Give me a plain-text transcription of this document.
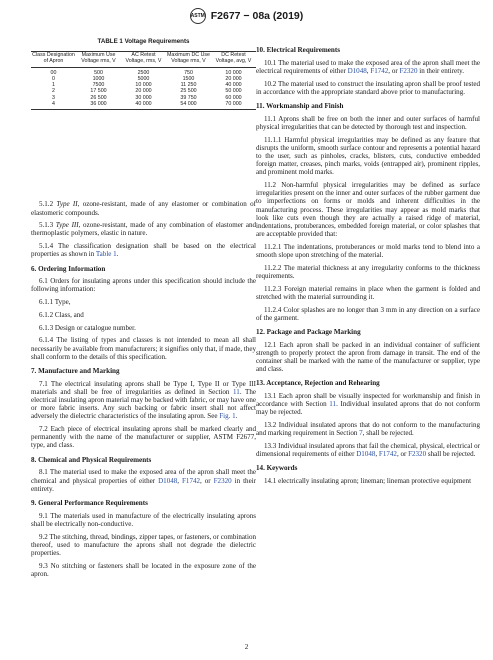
ASTM F2677 − 08a (2019)
TABLE 1 Voltage Requirements
Class Designation of Apron	Maximum Use Voltage rms, V	AC Retest Voltage, rms, V	Maximum DC Use Voltage rms, V	DC Retest Voltage, avg, V
00	500	2500	750	10 000
0	1000	5000	1500	20 000
1	7500	10 000	11 250	40 000
2	17 500	20 000	25 500	50 000
3	26 500	30 000	39 750	60 000
4	36 000	40 000	54 000	70 000

5.1.2 Type II, ozone-resistant, made of any elastomer or combination of elastomeric compounds.

5.1.3 Type III, ozone-resistant, made of any combination of elastomer and thermoplastic polymers, elastic in nature.

5.1.4 The classification designation shall be based on the electrical properties as shown in Table 1.

6. Ordering Information

6.1 Orders for insulating aprons under this specification should include the following information:

6.1.1 Type,

6.1.2 Class, and

6.1.3 Design or catalogue number.

6.1.4 The listing of types and classes is not intended to mean all shall necessarily be available from manufacturers; it signifies only that, if made, they shall conform to the details of this specification.

7. Manufacture and Marking

7.1 The electrical insulating aprons shall be Type I, Type II or Type III materials and shall be free of irregularities as defined in Section 11. The electrical insulating apron material may be backed with fabric, or may have one or more fabric inserts. Any such backing or fabric insert shall not affect adversely the dielectric characteristics of the insulating apron. See Fig. 1.

7.2 Each piece of electrical insulating aprons shall be marked clearly and permanently with the name of the manufacturer or supplier, ASTM F2677, type, and class.

8. Chemical and Physical Requirements

8.1 The material used to make the exposed area of the apron shall meet the chemical and physical properties of either D1048, F1742, or F2320 in their entirety.

9. General Performance Requirements

9.1 The materials used in manufacture of the electrically insulating aprons shall be electrically non-conductive.

9.2 The stitching, thread, bindings, zipper tapes, or fasteners, or combination thereof, used to manufacture the aprons shall not degrade the dielectric properties.

9.3 No stitching or fasteners shall be located in the exposure zone of the apron.

10. Electrical Requirements

10.1 The material used to make the exposed area of the apron shall meet the electrical requirements of either D1048, F1742, or F2320 in their entirety.

10.2 The material used to construct the insulating apron shall be proof tested in accordance with the appropriate standard above prior to manufacturing.

11. Workmanship and Finish

11.1 Aprons shall be free on both the inner and outer surfaces of harmful physical irregularities that can be detected by thorough test and inspection.

11.1.1 Harmful physical irregularities may be defined as any feature that disrupts the uniform, smooth surface contour and represents a potential hazard to the user, such as pinholes, cracks, blisters, cuts, conductive embedded foreign matter, creases, pinch marks, voids (entrapped air), prominent ripples, and prominent mold marks.

11.2 Non-harmful physical irregularities may be defined as surface irregularities present on the inner and outer surfaces of the rubber garment due to imperfections on forms or molds and inherent difficulties in the manufacturing process. These irregularities may appear as mold marks that look like cuts even though they are actually a raised ridge of material, indentations, protuberances, embedded foreign material, or color splashes that are acceptable provided that:

11.2.1 The indentations, protuberances or mold marks tend to blend into a smooth slope upon stretching of the material.

11.2.2 The material thickness at any irregularity conforms to the thickness requirements.

11.2.3 Foreign material remains in place when the garment is folded and stretched with the material surrounding it.

11.2.4 Color splashes are no longer than 3 mm in any direction on a surface of the garment.

12. Package and Package Marking

12.1 Each apron shall be packed in an individual container of sufficient strength to properly protect the apron from damage in transit. The end of the container shall be marked with the name of the manufacturer or supplier, type and class.

13. Acceptance, Rejection and Rehearing

13.1 Each apron shall be visually inspected for workmanship and finish in accordance with Section 11. Individual insulated aprons that do not conform may be rejected.

13.2 Individual insulated aprons that do not conform to the manufacturing and marking requirement in Section 7, shall be rejected.

13.3 Individual insulated aprons that fail the chemical, physical, electrical or dimensional requirements of either D1048, F1742, or F2320 shall be rejected.

14. Keywords

14.1 electrically insulating apron; lineman; lineman protective equipment

2
